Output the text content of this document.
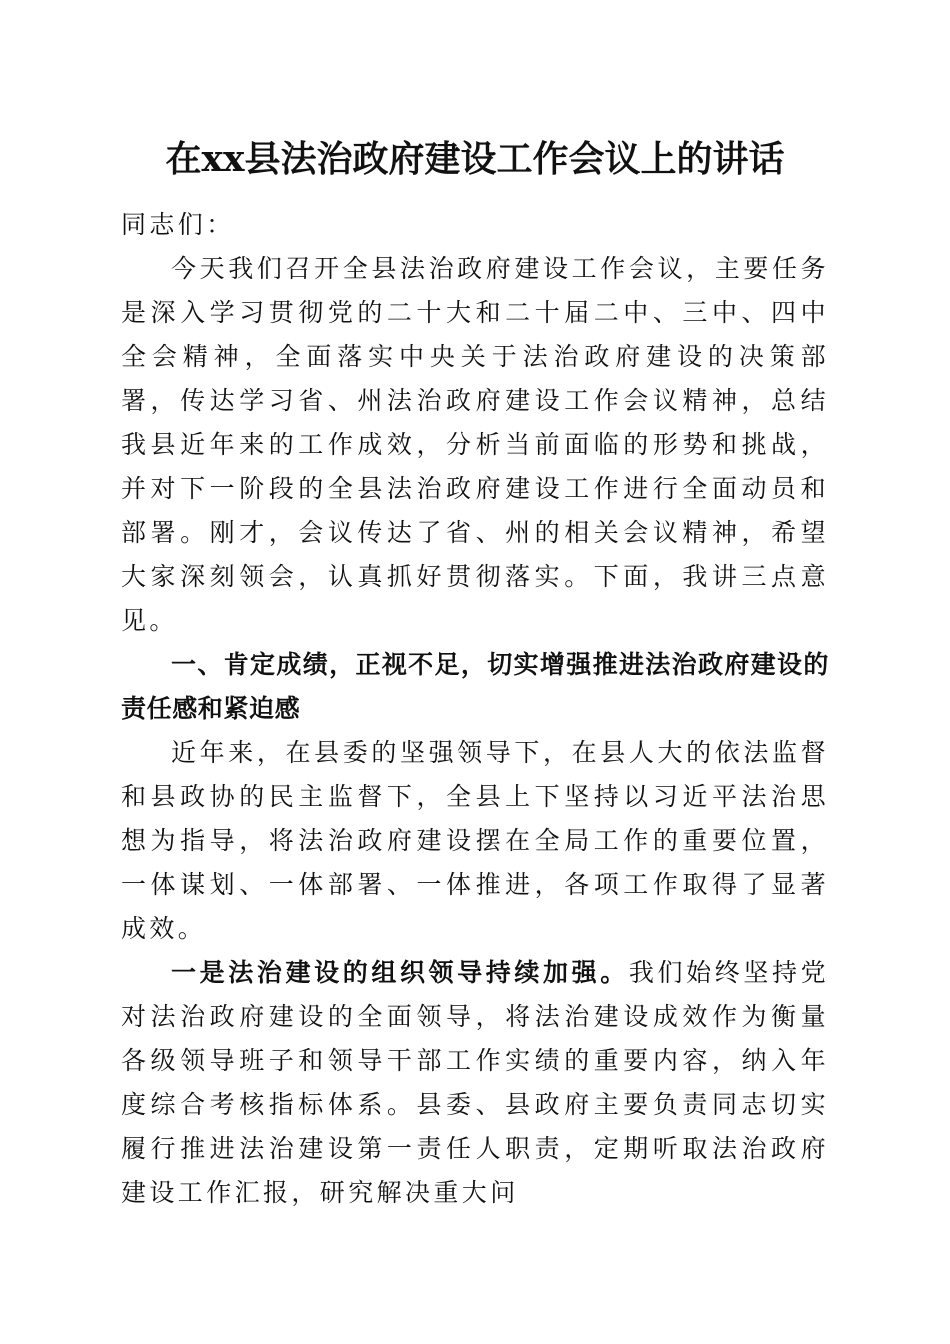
在xx县法治政府建设工作会议上的讲话

同志们：

今天我们召开全县法治政府建设工作会议，主要任务是深入学习贯彻党的二十大和二十届二中、三中、四中全会精神，全面落实中央关于法治政府建设的决策部署，传达学习省、州法治政府建设工作会议精神，总结我县近年来的工作成效，分析当前面临的形势和挑战，并对下一阶段的全县法治政府建设工作进行全面动员和部署。刚才，会议传达了省、州的相关会议精神，希望大家深刻领会，认真抓好贯彻落实。下面，我讲三点意见。

一、肯定成绩，正视不足，切实增强推进法治政府建设的责任感和紧迫感

近年来，在县委的坚强领导下，在县人大的依法监督和县政协的民主监督下，全县上下坚持以习近平法治思想为指导，将法治政府建设摆在全局工作的重要位置，一体谋划、一体部署、一体推进，各项工作取得了显著成效。

一是法治建设的组织领导持续加强。我们始终坚持党对法治政府建设的全面领导，将法治建设成效作为衡量各级领导班子和领导干部工作实绩的重要内容，纳入年度综合考核指标体系。县委、县政府主要负责同志切实履行推进法治建设第一责任人职责，定期听取法治政府建设工作汇报，研究解决重大问
